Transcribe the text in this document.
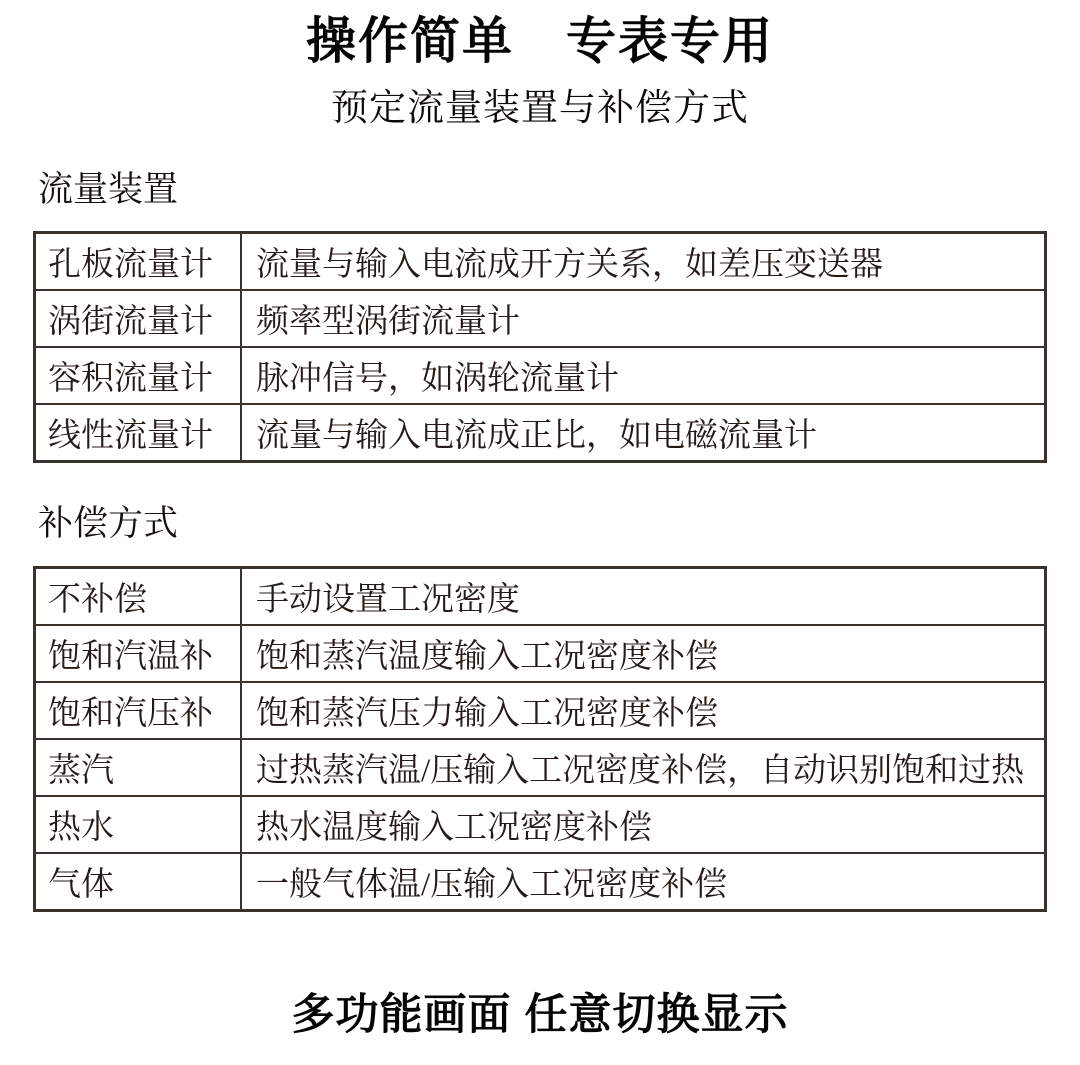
操作简单　专表专用
预定流量装置与补偿方式
流量装置
孔板流量计	流量与输入电流成开方关系，如差压变送器
涡街流量计	频率型涡街流量计
容积流量计	脉冲信号，如涡轮流量计
线性流量计	流量与输入电流成正比，如电磁流量计
补偿方式
不补偿	手动设置工况密度
饱和汽温补	饱和蒸汽温度输入工况密度补偿
饱和汽压补	饱和蒸汽压力输入工况密度补偿
蒸汽	过热蒸汽温/压输入工况密度补偿，自动识别饱和过热
热水	热水温度输入工况密度补偿
气体	一般气体温/压输入工况密度补偿
多功能画面 任意切换显示
